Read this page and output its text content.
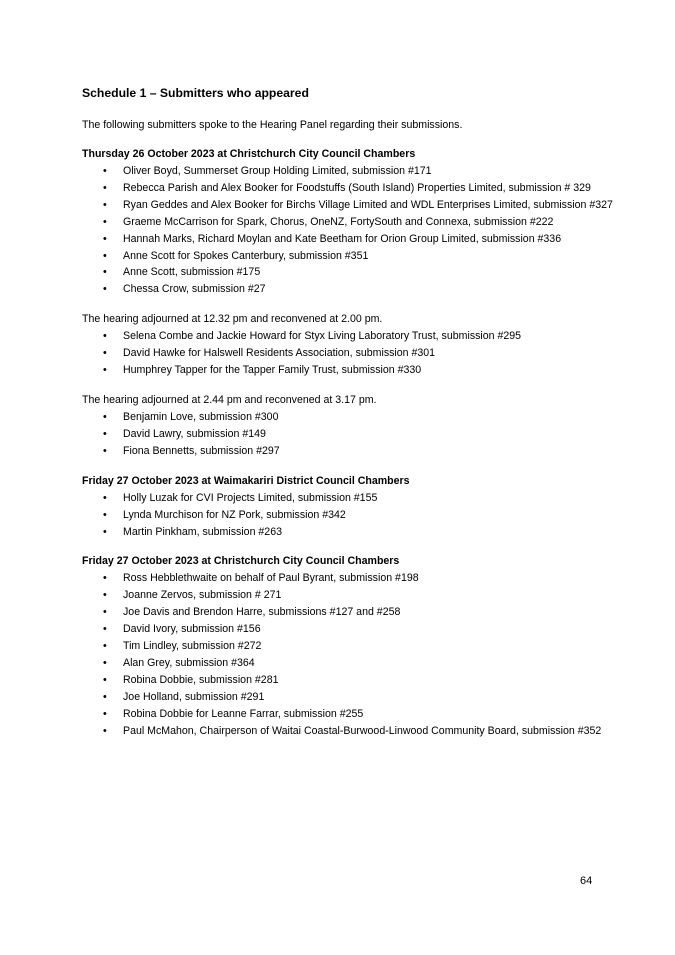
Schedule 1 – Submitters who appeared

The following submitters spoke to the Hearing Panel regarding their submissions.

Thursday 26 October 2023 at Christchurch City Council Chambers

• Oliver Boyd, Summerset Group Holding Limited, submission #171
• Rebecca Parish and Alex Booker for Foodstuffs (South Island) Properties Limited, submission # 329
• Ryan Geddes and Alex Booker for Birchs Village Limited and WDL Enterprises Limited, submission #327
• Graeme McCarrison for Spark, Chorus, OneNZ, FortySouth and Connexa, submission #222
• Hannah Marks, Richard Moylan and Kate Beetham for Orion Group Limited, submission #336
• Anne Scott for Spokes Canterbury, submission #351
• Anne Scott, submission #175
• Chessa Crow, submission #27

The hearing adjourned at 12.32 pm and reconvened at 2.00 pm.

• Selena Combe and Jackie Howard for Styx Living Laboratory Trust, submission #295
• David Hawke for Halswell Residents Association, submission #301
• Humphrey Tapper for the Tapper Family Trust, submission #330

The hearing adjourned at 2.44 pm and reconvened at 3.17 pm.

• Benjamin Love, submission #300
• David Lawry, submission #149
• Fiona Bennetts, submission #297

Friday 27 October 2023 at Waimakariri District Council Chambers

• Holly Luzak for CVI Projects Limited, submission #155
• Lynda Murchison for NZ Pork, submission #342
• Martin Pinkham, submission #263

Friday 27 October 2023 at Christchurch City Council Chambers

• Ross Hebblethwaite on behalf of Paul Byrant, submission #198
• Joanne Zervos, submission # 271
• Joe Davis and Brendon Harre, submissions #127 and #258
• David Ivory, submission #156
• Tim Lindley, submission #272
• Alan Grey, submission #364
• Robina Dobbie, submission #281
• Joe Holland, submission #291
• Robina Dobbie for Leanne Farrar, submission #255
• Paul McMahon, Chairperson of Waitai Coastal-Burwood-Linwood Community Board, submission #352
64
